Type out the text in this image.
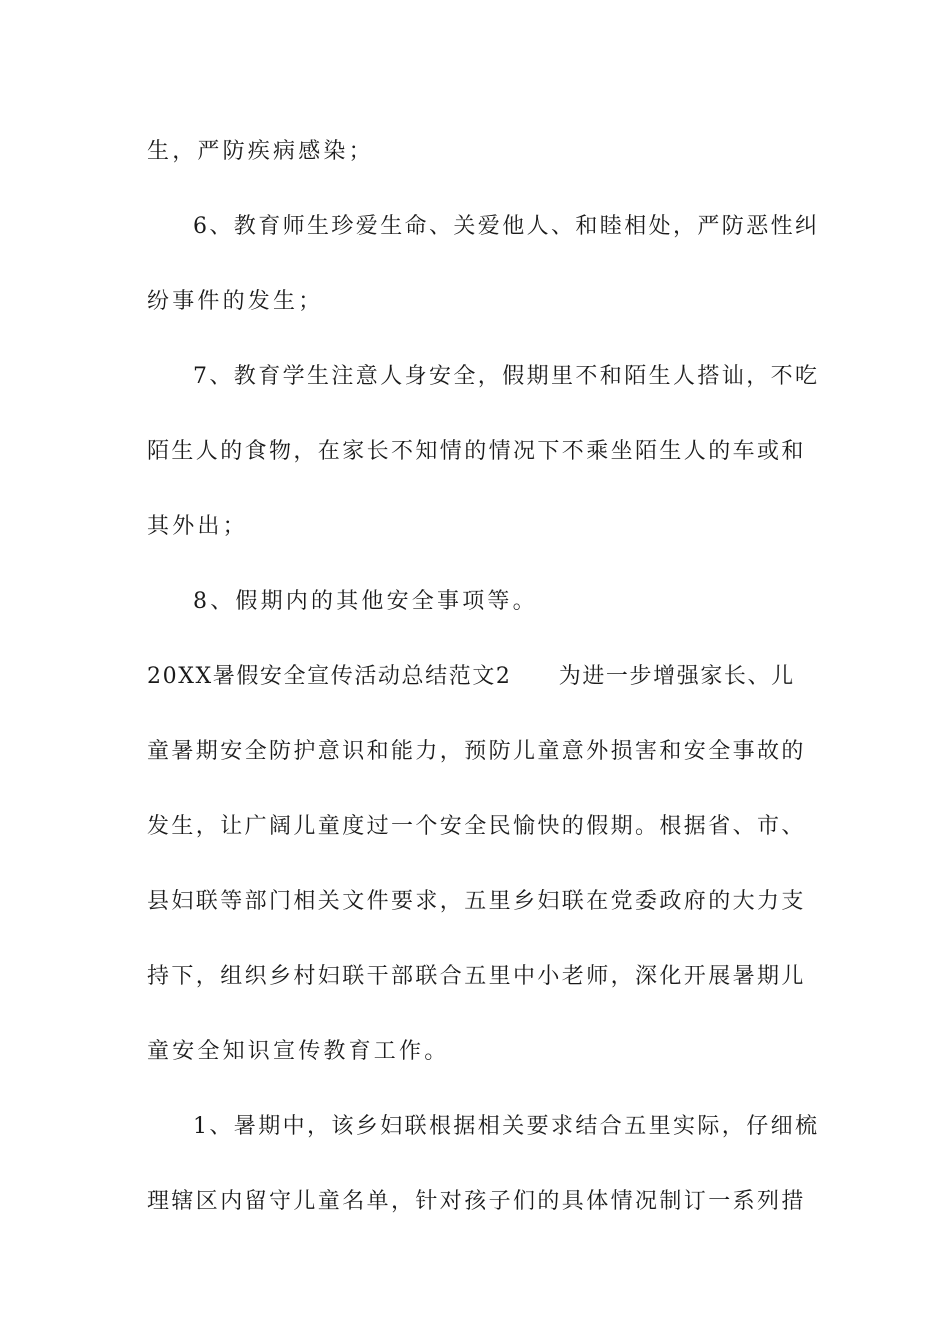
生，严防疾病感染；
6、教育师生珍爱生命、关爱他人、和睦相处，严防恶性纠
纷事件的发生；
7、教育学生注意人身安全，假期里不和陌生人搭讪，不吃
陌生人的食物，在家长不知情的情况下不乘坐陌生人的车或和
其外出；
8、假期内的其他安全事项等。
20XX暑假安全宣传活动总结范文2　　为进一步增强家长、儿
童暑期安全防护意识和能力，预防儿童意外损害和安全事故的
发生，让广阔儿童度过一个安全民愉快的假期。根据省、市、
县妇联等部门相关文件要求，五里乡妇联在党委政府的大力支
持下，组织乡村妇联干部联合五里中小老师，深化开展暑期儿
童安全知识宣传教育工作。
1、暑期中，该乡妇联根据相关要求结合五里实际，仔细梳
理辖区内留守儿童名单，针对孩子们的具体情况制订一系列措
